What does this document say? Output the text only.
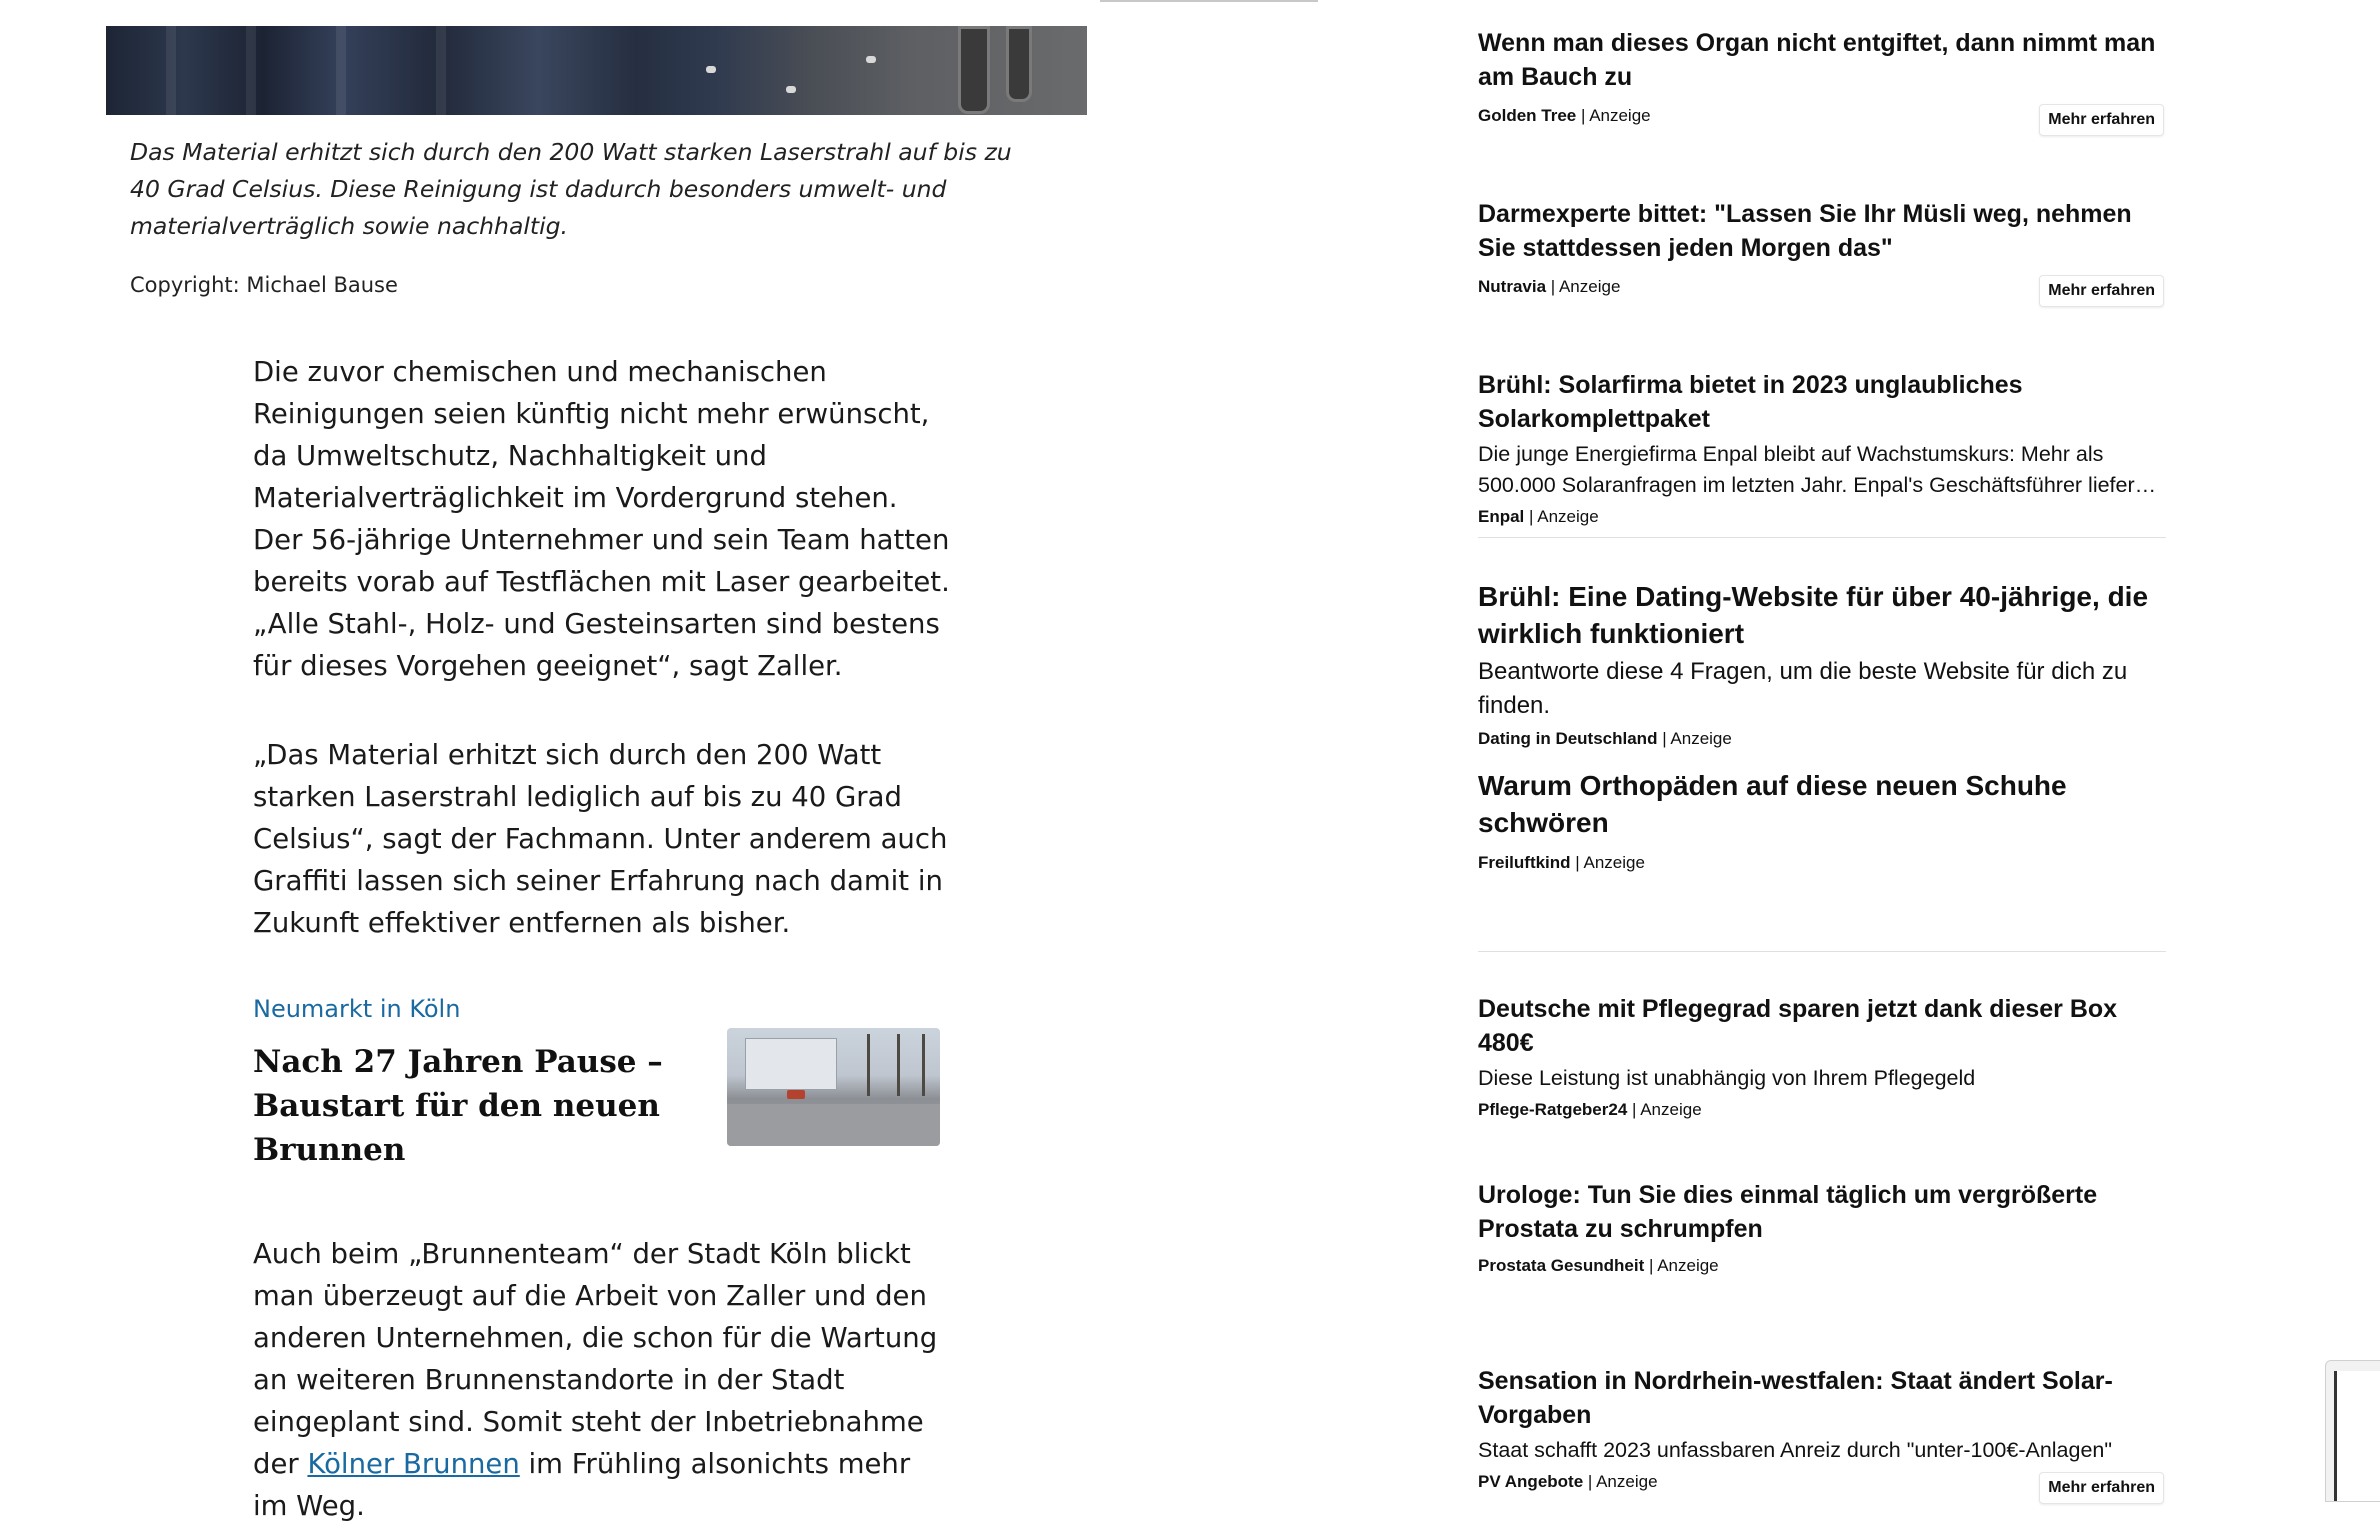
Das Material erhitzt sich durch den 200 Watt starken Laserstrahl auf bis zu 40 Grad Celsius. Diese Reinigung ist dadurch besonders umwelt- und materialverträglich sowie nachhaltig.
Copyright: Michael Bause

Die zuvor chemischen und mechanischen Reinigungen seien künftig nicht mehr erwünscht, da Umweltschutz, Nachhaltigkeit und Materialverträglichkeit im Vordergrund stehen. Der 56-jährige Unternehmer und sein Team hatten bereits vorab auf Testflächen mit Laser gearbeitet. „Alle Stahl-, Holz- und Gesteinsarten sind bestens für dieses Vorgehen geeignet“, sagt Zaller.

„Das Material erhitzt sich durch den 200 Watt starken Laserstrahl lediglich auf bis zu 40 Grad Celsius“, sagt der Fachmann. Unter anderem auch Graffiti lassen sich seiner Erfahrung nach damit in Zukunft effektiver entfernen als bisher.

Neumarkt in Köln
Nach 27 Jahren Pause – Baustart für den neuen Brunnen

Auch beim „Brunnenteam“ der Stadt Köln blickt man überzeugt auf die Arbeit von Zaller und den anderen Unternehmen, die schon für die Wartung an weiteren Brunnenstandorte in der Stadt eingeplant sind. Somit steht der Inbetriebnahme der Kölner Brunnen im Frühling alsonichts mehr im Weg.

Wenn man dieses Organ nicht entgiftet, dann nimmt man am Bauch zu
Golden Tree | Anzeige	Mehr erfahren
Darmexperte bittet: "Lassen Sie Ihr Müsli weg, nehmen Sie stattdessen jeden Morgen das"
Nutravia | Anzeige	Mehr erfahren
Brühl: Solarfirma bietet in 2023 unglaubliches Solarkomplettpaket
Die junge Energiefirma Enpal bleibt auf Wachstumskurs: Mehr als 500.000 Solaranfragen im letzten Jahr. Enpal's Geschäftsführer liefer…
Enpal | Anzeige
Brühl: Eine Dating-Website für über 40-jährige, die wirklich funktioniert
Beantworte diese 4 Fragen, um die beste Website für dich zu finden.
Dating in Deutschland | Anzeige
Warum Orthopäden auf diese neuen Schuhe schwören
Freiluftkind | Anzeige
Deutsche mit Pflegegrad sparen jetzt dank dieser Box 480€
Diese Leistung ist unabhängig von Ihrem Pflegegeld
Pflege-Ratgeber24 | Anzeige
Urologe: Tun Sie dies einmal täglich um vergrößerte Prostata zu schrumpfen
Prostata Gesundheit | Anzeige
Sensation in Nordrhein-westfalen: Staat ändert Solar-Vorgaben
Staat schafft 2023 unfassbaren Anreiz durch "unter-100€-Anlagen"
PV Angebote | Anzeige	Mehr erfahren
